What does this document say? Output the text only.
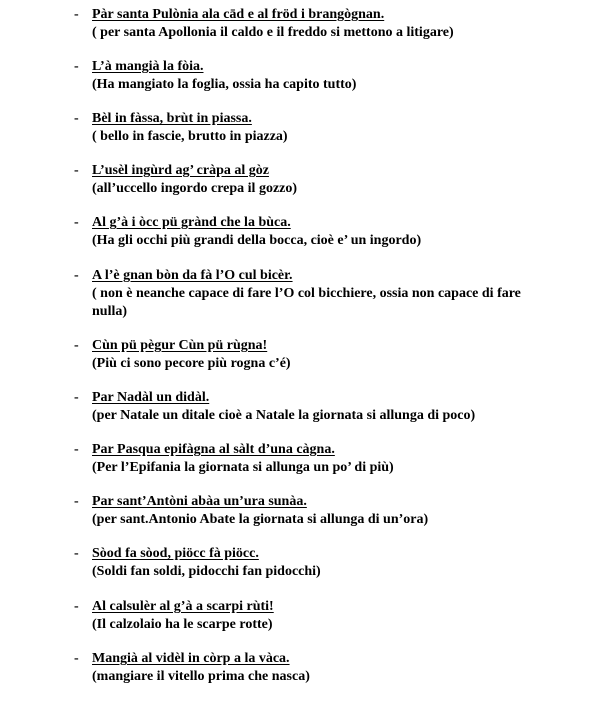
- Pàr santa Pulònia ala cād e al fröd i brangògnan.
( per santa Apollonia il caldo e il freddo si mettono a litigare)
- L’à mangià la fòia.
(Ha mangiato la foglia, ossia ha capito tutto)
- Bèl in fàssa, brùt in piassa.
( bello in fascie, brutto in piazza)
- L’usèl ingùrd ag’ cràpa al gòz
(all’uccello ingordo crepa il gozzo)
- Al g’à i òcc pü grànd che la bùca.
(Ha gli occhi più grandi della bocca, cioè e’ un ingordo)
- A l’è gnan bòn da fà l’O cul bicèr.
( non è neanche capace di fare l’O col bicchiere, ossia non capace di fare nulla)
- Cùn pü pègur Cùn pü rùgna!
(Più ci sono pecore più rogna c’é)
- Par Nadàl un didàl.
(per Natale un ditale cioè a Natale la giornata si allunga di poco)
- Par Pasqua epifàgna al sàlt d’una càgna.
(Per l’Epifania la giornata si allunga un po’ di più)
- Par sant’Antòni abàa un’ura sunàa.
(per sant.Antonio Abate la giornata si allunga di un’ora)
- Sòod fa sòod, piöcc fà piöcc.
(Soldi fan soldi, pidocchi fan pidocchi)
- Al calsulèr al g’à a scarpi rùti!
(Il calzolaio ha le scarpe rotte)
- Mangià al vidèl in còrp a la vàca.
(mangiare il vitello prima che nasca)
